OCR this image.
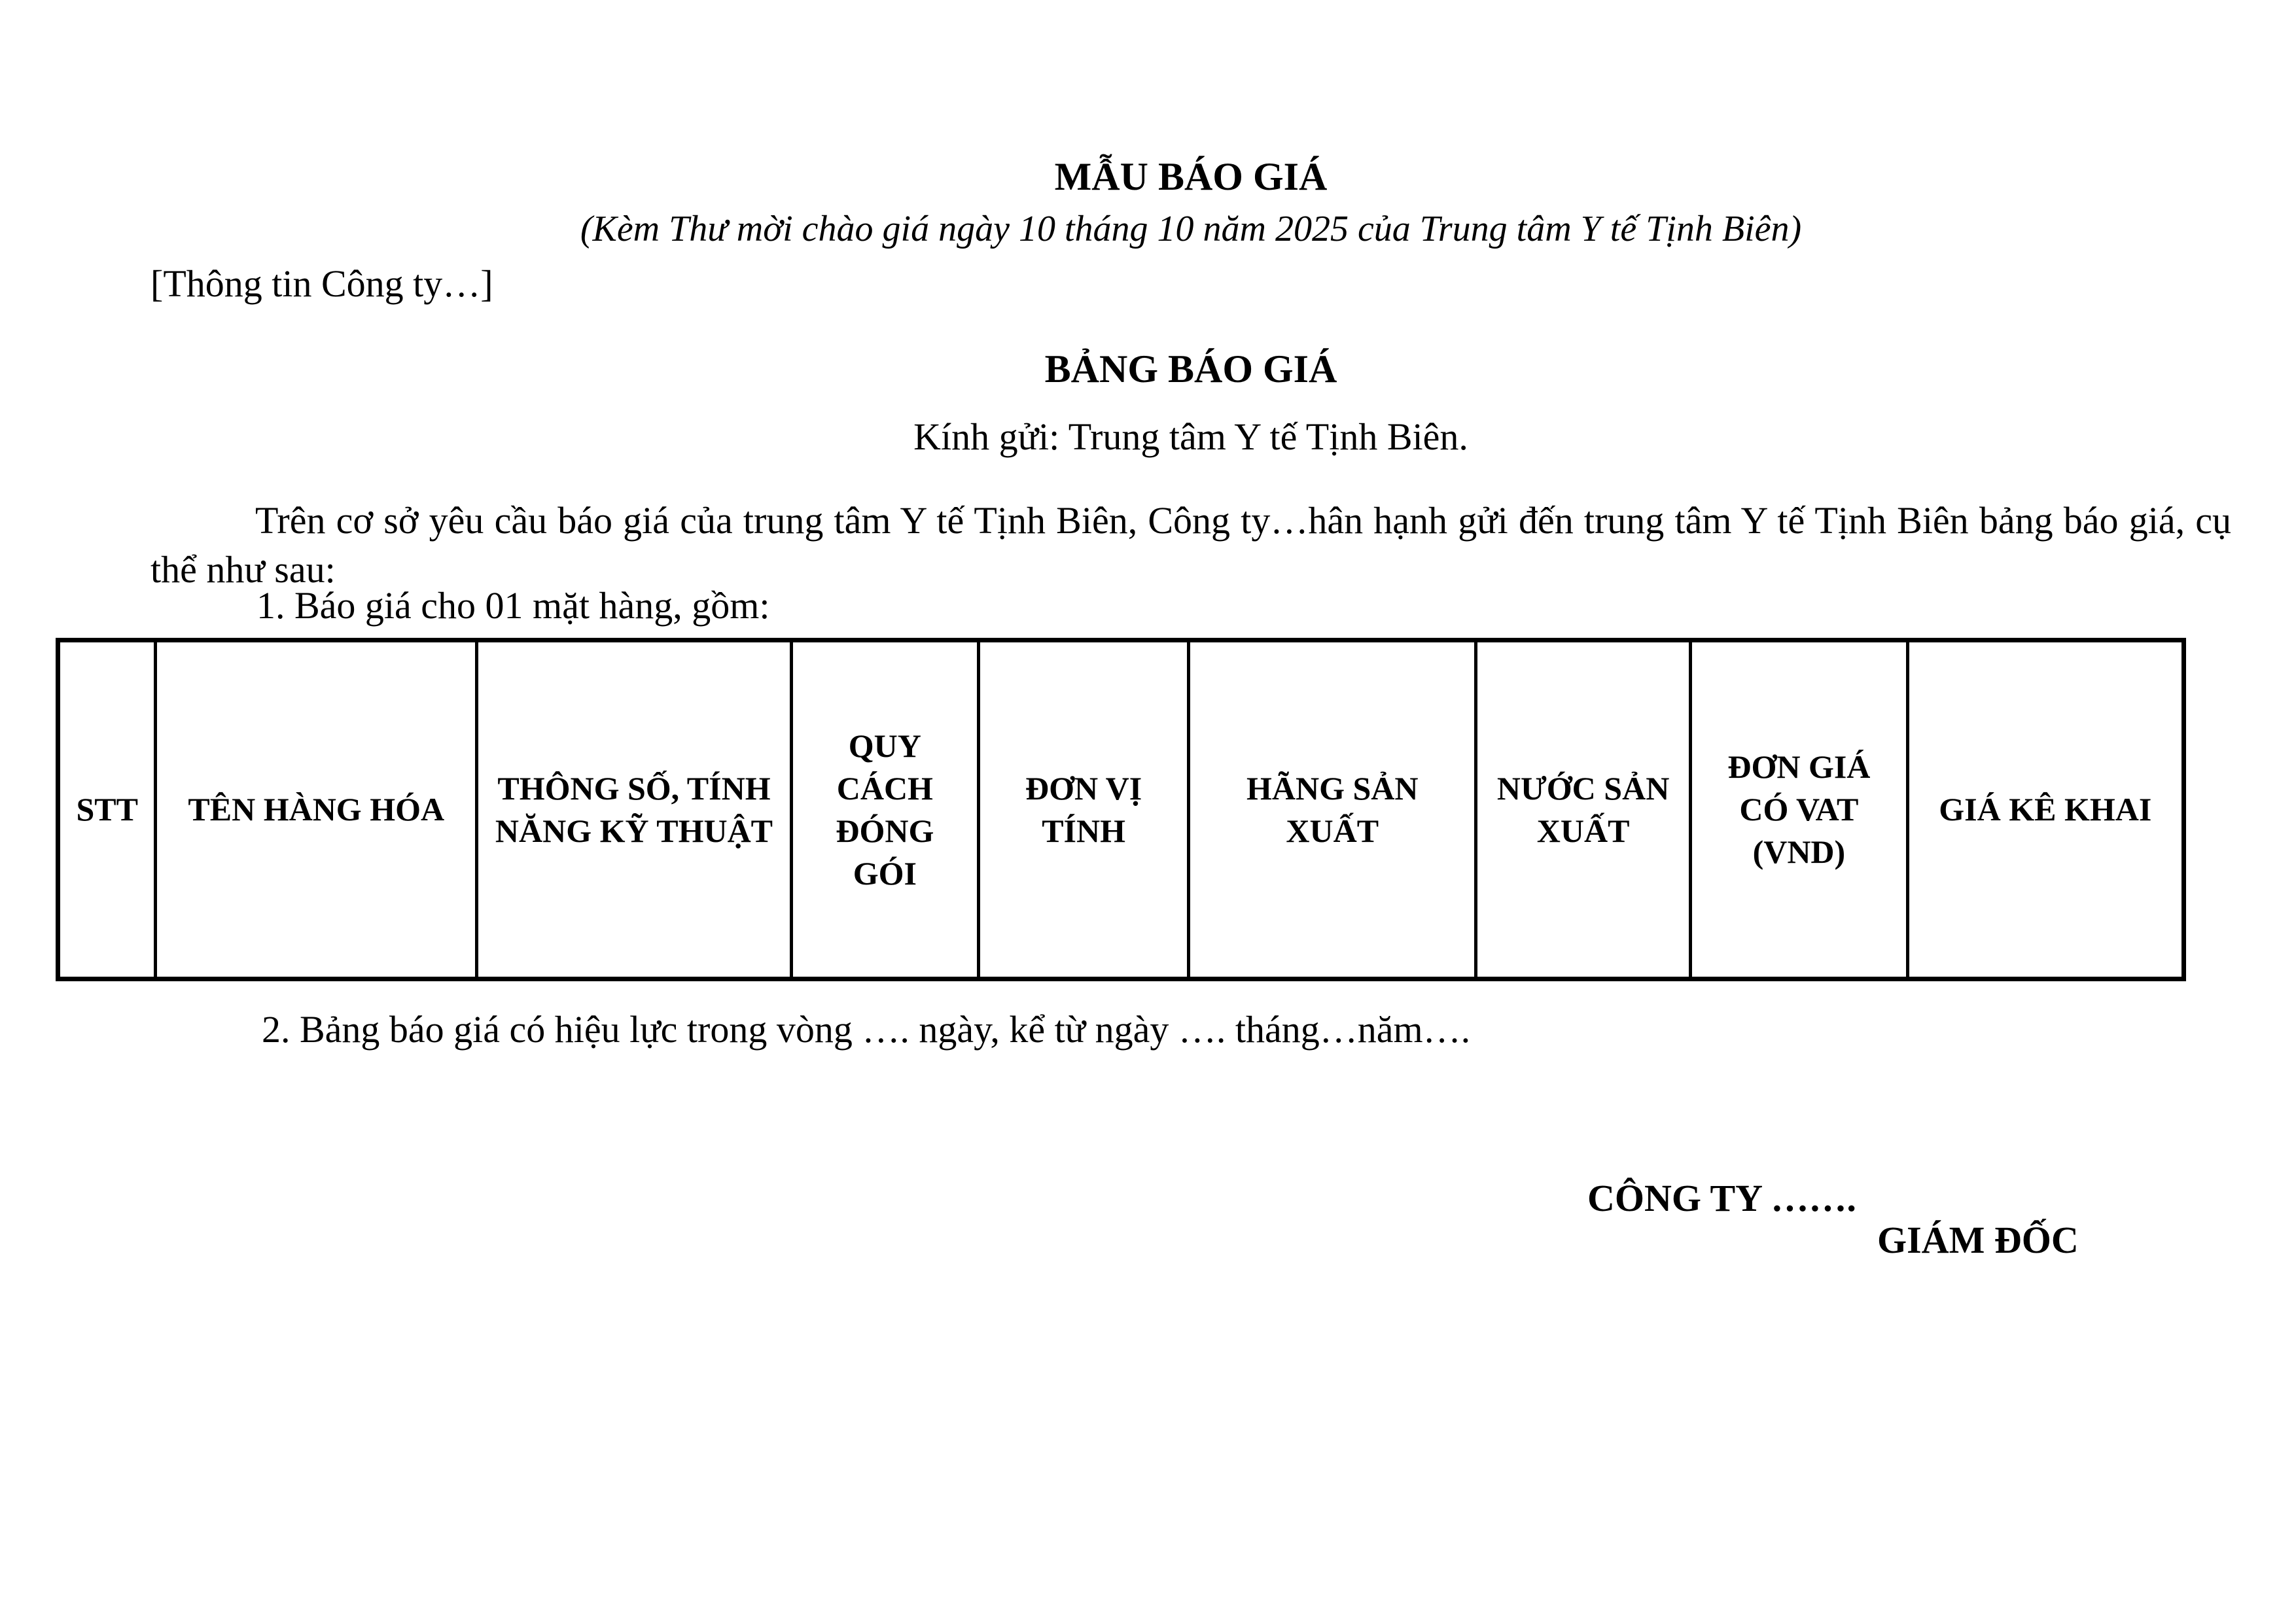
MẪU BÁO GIÁ
(Kèm Thư mời chào giá ngày 10 tháng 10 năm 2025 của Trung tâm Y tế Tịnh Biên)
[Thông tin Công ty…]
BẢNG BÁO GIÁ
Kính gửi: Trung tâm Y tế Tịnh Biên.
Trên cơ sở yêu cầu báo giá của trung tâm Y tế Tịnh Biên, Công ty…hân hạnh gửi đến trung tâm Y tế Tịnh Biên bảng báo giá, cụ thể như sau:
1. Báo giá cho 01 mặt hàng, gồm:
STT	TÊN HÀNG HÓA	THÔNG SỐ, TÍNH NĂNG KỸ THUẬT	QUY CÁCH ĐÓNG GÓI	ĐƠN VỊ TÍNH	HÃNG SẢN XUẤT	NƯỚC SẢN XUẤT	ĐƠN GIÁ CÓ VAT (VND)	GIÁ KÊ KHAI
2. Bảng báo giá có hiệu lực trong vòng …. ngày, kể từ ngày …. tháng…năm….
CÔNG TY …….
GIÁM ĐỐC
